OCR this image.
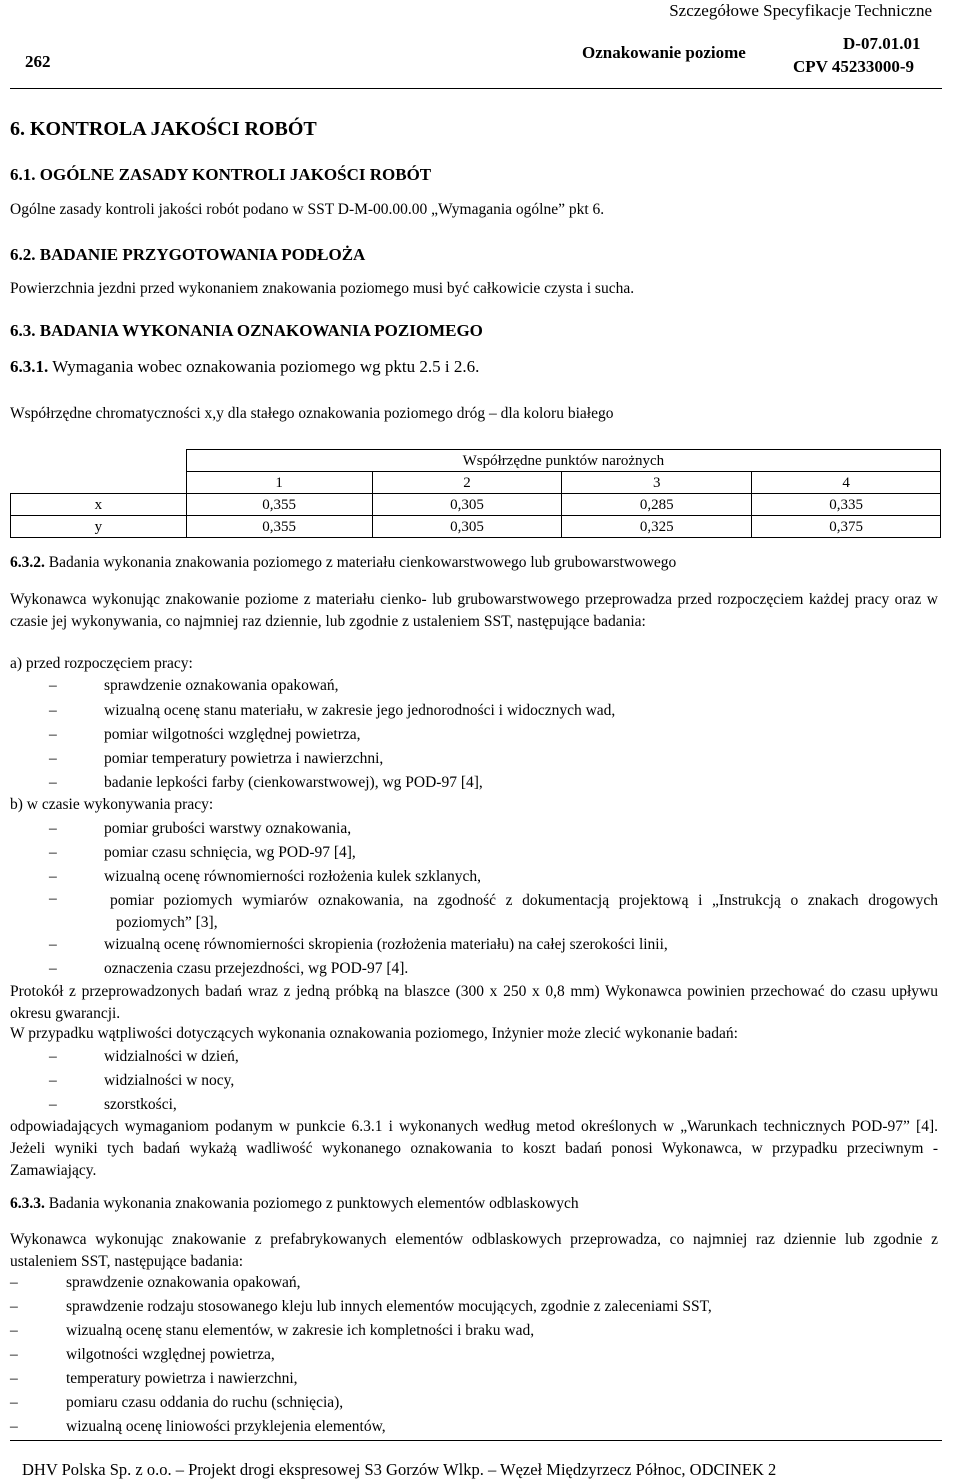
Szczegółowe Specyfikacje Techniczne
262	Oznakowanie poziome	D-07.01.01
CPV 45233000-9
6. KONTROLA JAKOŚCI ROBÓT
6.1. OGÓLNE ZASADY KONTROLI JAKOŚCI ROBÓT
Ogólne zasady kontroli jakości robót podano w SST D-M-00.00.00 „Wymagania ogólne” pkt 6.
6.2. BADANIE PRZYGOTOWANIA PODŁOŻA
Powierzchnia jezdni przed wykonaniem znakowania poziomego musi być całkowicie czysta i sucha.
6.3. BADANIA WYKONANIA OZNAKOWANIA POZIOMEGO
6.3.1. Wymagania wobec oznakowania poziomego wg pktu 2.5 i 2.6.
Współrzędne chromatyczności x,y dla stałego oznakowania poziomego dróg – dla koloru białego
	Współrzędne punktów narożnych			
	1	2	3	4
x	0,355	0,305	0,285	0,335
y	0,355	0,305	0,325	0,375
6.3.2. Badania wykonania znakowania poziomego z materiału cienkowarstwowego lub grubowarstwowego

Wykonawca wykonując znakowanie poziome z materiału cienko- lub grubowarstwowego przeprowadza przed rozpoczęciem każdej pracy oraz w czasie jej wykonywania, co najmniej raz dziennie, lub zgodnie z ustaleniem SST, następujące badania:

a) przed rozpoczęciem pracy:
–	sprawdzenie oznakowania opakowań,
–	wizualną ocenę stanu materiału, w zakresie jego jednorodności i widocznych wad,
–	pomiar wilgotności względnej powietrza,
–	pomiar temperatury powietrza i nawierzchni,
–	badanie lepkości farby (cienkowarstwowej), wg POD-97 [4],
b) w czasie wykonywania pracy:
–	pomiar grubości warstwy oznakowania,
–	pomiar czasu schnięcia, wg POD-97 [4],
–	wizualną ocenę równomierności rozłożenia kulek szklanych,
–	pomiar poziomych wymiarów oznakowania, na zgodność z dokumentacją projektową i „Instrukcją o znakach drogowych poziomych” [3],

–	wizualną ocenę równomierności skropienia (rozłożenia materiału) na całej szerokości linii,
–	oznaczenia czasu przejezdności, wg POD-97 [4].

Protokół z przeprowadzonych badań wraz z jedną próbką na blaszce (300 x 250 x 0,8 mm) Wykonawca powinien przechować do czasu upływu okresu gwarancji.

W przypadku wątpliwości dotyczących wykonania oznakowania poziomego, Inżynier może zlecić wykonanie badań:
–	widzialności w dzień,
–	widzialności w nocy,
–	szorstkości,

odpowiadających wymaganiom podanym w punkcie 6.3.1 i wykonanych według metod określonych w „Warunkach technicznych POD-97” [4]. Jeżeli wyniki tych badań wykażą wadliwość wykonanego oznakowania to koszt badań ponosi Wykonawca, w przypadku przeciwnym - Zamawiający.

6.3.3. Badania wykonania znakowania poziomego z punktowych elementów odblaskowych

Wykonawca wykonując znakowanie z prefabrykowanych elementów odblaskowych przeprowadza, co najmniej raz dziennie lub zgodnie z ustaleniem SST, następujące badania:

–	sprawdzenie oznakowania opakowań,
–	sprawdzenie rodzaju stosowanego kleju lub innych elementów mocujących, zgodnie z zaleceniami SST,
–	wizualną ocenę stanu elementów, w zakresie ich kompletności i braku wad,
–	wilgotności względnej powietrza,
–	temperatury powietrza i nawierzchni,
–	pomiaru czasu oddania do ruchu (schnięcia),
–	wizualną ocenę liniowości przyklejenia elementów,
DHV Polska Sp. z o.o. – Projekt drogi ekspresowej S3 Gorzów Wlkp. – Węzeł Międzyrzecz Północ, ODCINEK 2
